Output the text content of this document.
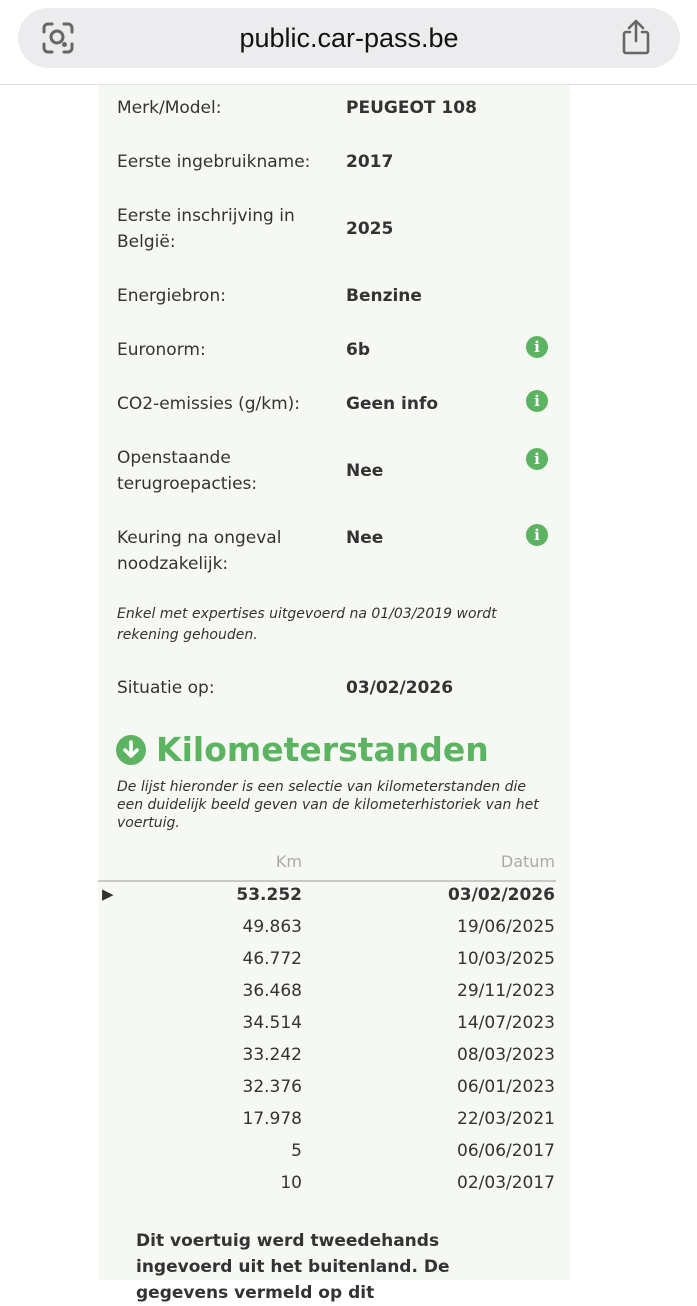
public.car-pass.be
Merk/Model:	PEUGEOT 108
Eerste ingebruikname:	2017
Eerste inschrijving in België:
2025
Energiebron:	Benzine
Euronorm:	6b	i
CO2-emissies (g/km):	Geen info	i
Openstaande terugroepacties:
Nee
i
Keuring na ongeval noodzakelijk:
Nee	i
Enkel met expertises uitgevoerd na 01/03/2019 wordt rekening gehouden.
Situatie op:	03/02/2026
Kilometerstanden
De lijst hieronder is een selectie van kilometerstanden die een duidelijk beeld geven van de kilometerhistoriek van het voertuig.
Km	Datum
▶	53.252	03/02/2026
49.863	19/06/2025
46.772	10/03/2025
36.468	29/11/2023
34.514	14/07/2023
33.242	08/03/2023
32.376	06/01/2023
17.978	22/03/2021
5	06/06/2017
10	02/03/2017
Dit voertuig werd tweedehands ingevoerd uit het buitenland. De gegevens vermeld op dit
